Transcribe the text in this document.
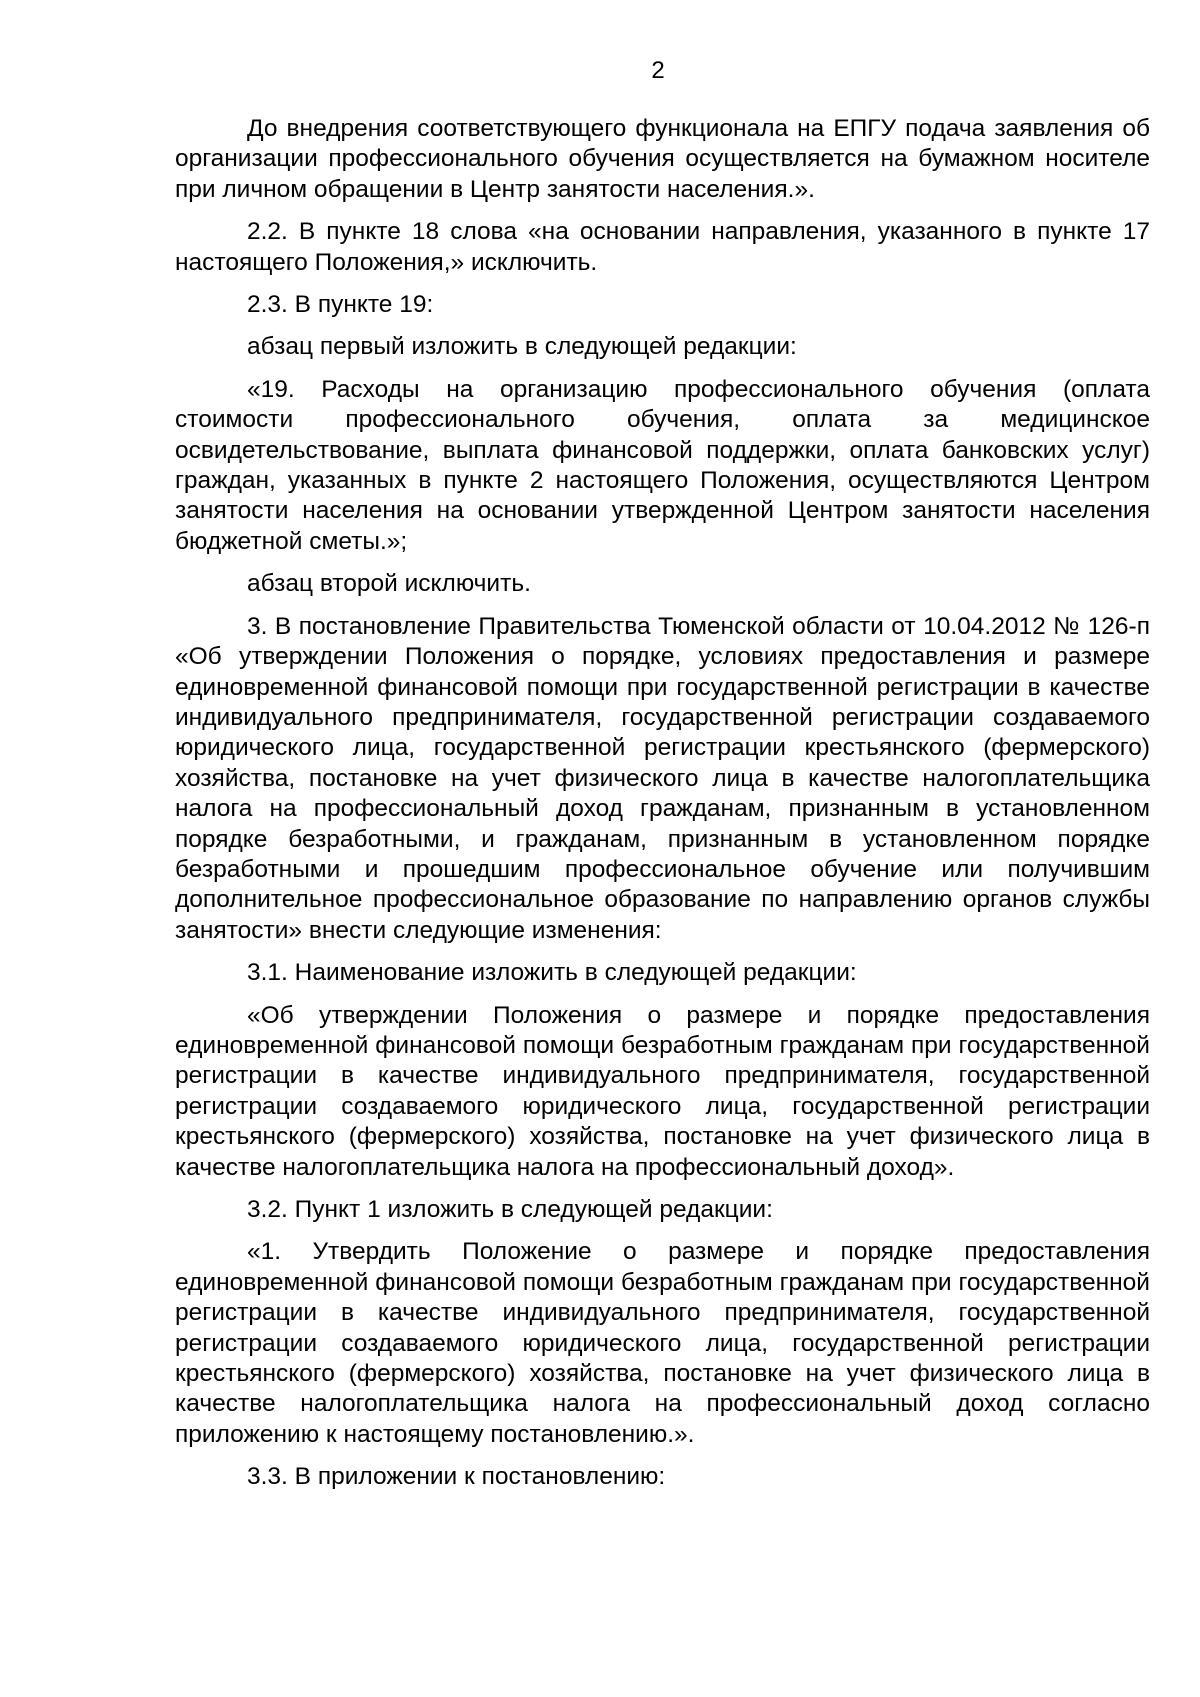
2

До внедрения соответствующего функционала на ЕПГУ подача заявления об организации профессионального обучения осуществляется на бумажном носителе при личном обращении в Центр занятости населения.».

2.2. В пункте 18 слова «на основании направления, указанного в пункте 17 настоящего Положения,» исключить.

2.3. В пункте 19:

абзац первый изложить в следующей редакции:

«19. Расходы на организацию профессионального обучения (оплата стоимости профессионального обучения, оплата за медицинское освидетельствование, выплата финансовой поддержки, оплата банковских услуг) граждан, указанных в пункте 2 настоящего Положения, осуществляются Центром занятости населения на основании утвержденной Центром занятости населения бюджетной сметы.»;

абзац второй исключить.

3. В постановление Правительства Тюменской области от 10.04.2012 № 126-п «Об утверждении Положения о порядке, условиях предоставления и размере единовременной финансовой помощи при государственной регистрации в качестве индивидуального предпринимателя, государственной регистрации создаваемого юридического лица, государственной регистрации крестьянского (фермерского) хозяйства, постановке на учет физического лица в качестве налогоплательщика налога на профессиональный доход гражданам, признанным в установленном порядке безработными, и гражданам, признанным в установленном порядке безработными и прошедшим профессиональное обучение или получившим дополнительное профессиональное образование по направлению органов службы занятости» внести следующие изменения:

3.1. Наименование изложить в следующей редакции:

«Об утверждении Положения о размере и порядке предоставления единовременной финансовой помощи безработным гражданам при государственной регистрации в качестве индивидуального предпринимателя, государственной регистрации создаваемого юридического лица, государственной регистрации крестьянского (фермерского) хозяйства, постановке на учет физического лица в качестве налогоплательщика налога на профессиональный доход».

3.2. Пункт 1 изложить в следующей редакции:

«1. Утвердить Положение о размере и порядке предоставления единовременной финансовой помощи безработным гражданам при государственной регистрации в качестве индивидуального предпринимателя, государственной регистрации создаваемого юридического лица, государственной регистрации крестьянского (фермерского) хозяйства, постановке на учет физического лица в качестве налогоплательщика налога на профессиональный доход согласно приложению к настоящему постановлению.».

3.3. В приложении к постановлению:
